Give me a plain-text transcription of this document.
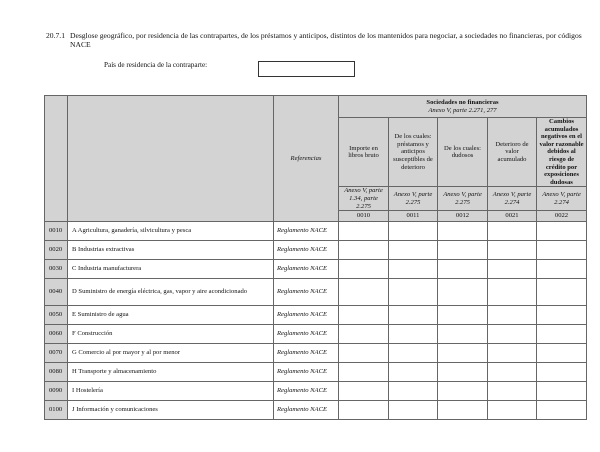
20.7.1 Desglose geográfico, por residencia de las contrapartes, de los préstamos y anticipos, distintos de los mantenidos para negociar, a sociedades no financieras, por códigos NACE
País de residencia de la contraparte:
		Referencias	Sociedades no financieras
Anexo V, parte 2.271, 277				

			Importe en libros bruto	De los cuales: préstamos y anticipos susceptibles de deterioro	De los cuales: dudosos	Deterioro de valor acumulado	Cambios acumulados negativos en el valor razonable debidos al riesgo de crédito por exposiciones dudosas
			Anexo V, parte 1.34, parte 2.275	Anexo V, parte 2.275	Anexo V, parte 2.275	Anexo V, parte 2.274	Anexo V, parte 2.274
			0010	0011	0012	0021	0022
0010	A Agricultura, ganadería, silvicultura y pesca	Reglamento NACE					
0020	B Industrias extractivas	Reglamento NACE					
0030	C Industria manufacturera	Reglamento NACE					
0040	D Suministro de energía eléctrica, gas, vapor y aire acondicionado	Reglamento NACE					
0050	E Suministro de agua	Reglamento NACE					
0060	F Construcción	Reglamento NACE					
0070	G Comercio al por mayor y al por menor	Reglamento NACE					
0080	H Transporte y almacenamiento	Reglamento NACE					
0090	I Hostelería	Reglamento NACE					
0100	J Información y comunicaciones	Reglamento NACE					
